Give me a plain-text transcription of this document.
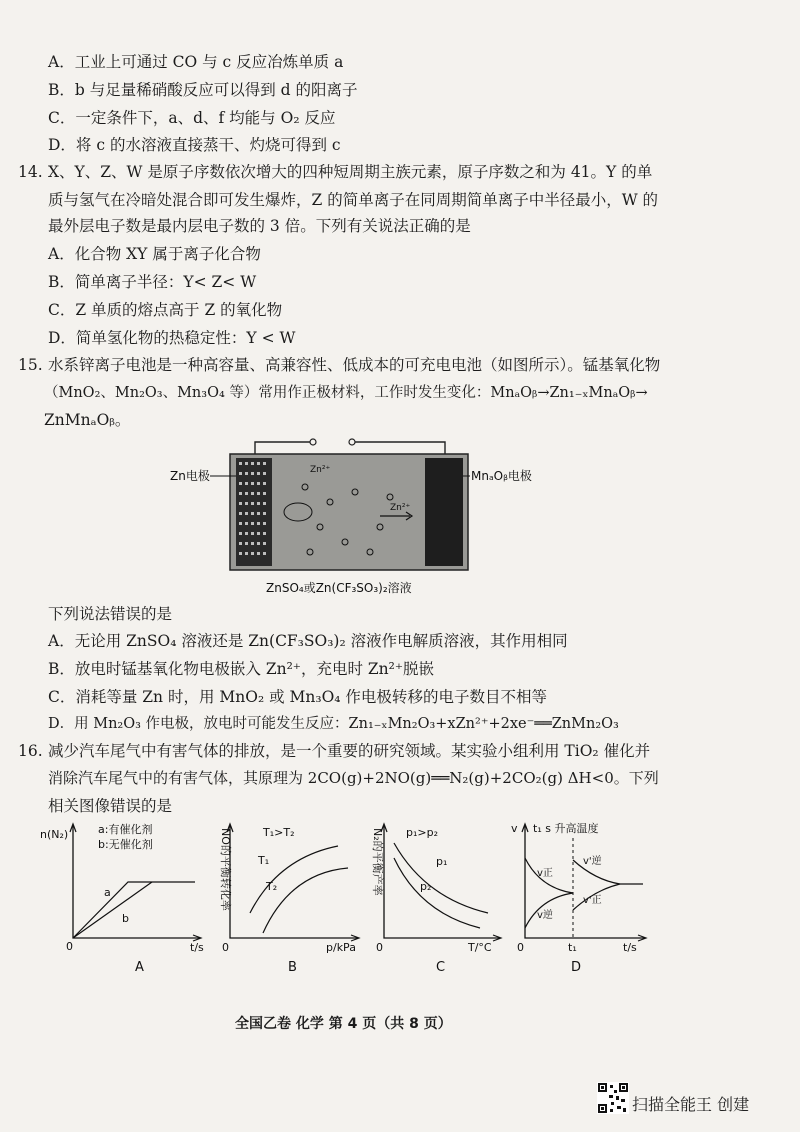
A．工业上可通过 CO 与 c 反应冶炼单质 a
B．b 与足量稀硝酸反应可以得到 d 的阳离子
C．一定条件下，a、d、f 均能与 O₂ 反应
D．将 c 的水溶液直接蒸干、灼烧可得到 c
14. X、Y、Z、W 是原子序数依次增大的四种短周期主族元素，原子序数之和为 41。Y 的单
质与氢气在冷暗处混合即可发生爆炸，Z 的简单离子在同周期简单离子中半径最小，W 的
最外层电子数是最内层电子数的 3 倍。下列有关说法正确的是
A．化合物 XY 属于离子化合物
B．简单离子半径：Y< Z< W
C．Z 单质的熔点高于 Z 的氧化物
D．简单氢化物的热稳定性：Y < W
15. 水系锌离子电池是一种高容量、高兼容性、低成本的可充电电池（如图所示）。锰基氧化物
（MnO₂、Mn₂O₃、Mn₃O₄ 等）常用作正极材料，工作时发生变化：MnₐOᵦ→Zn₁₋ₓMnₐOᵦ→
ZnMnₐOᵦ。
Zn²⁺
Zn²⁺
Zn电极	MnₐOᵦ电极
ZnSO₄或Zn(CF₃SO₃)₂溶液
下列说法错误的是
A．无论用 ZnSO₄ 溶液还是 Zn(CF₃SO₃)₂ 溶液作电解质溶液，其作用相同
B．放电时锰基氧化物电极嵌入 Zn²⁺，充电时 Zn²⁺脱嵌
C．消耗等量 Zn 时，用 MnO₂ 或 Mn₃O₄ 作电极转移的电子数目不相等
D．用 Mn₂O₃ 作电极，放电时可能发生反应：Zn₁₋ₓMn₂O₃+xZn²⁺+2xe⁻══ZnMn₂O₃
16. 减少汽车尾气中有害气体的排放，是一个重要的研究领域。某实验小组利用 TiO₂ 催化并
消除汽车尾气中的有害气体，其原理为 2CO(g)+2NO(g)══N₂(g)+2CO₂(g) ΔH<0。下列
相关图像错误的是
n(N₂)	a:有催化剂
b:无催化剂
a
b
0	t/s
A
NO的平衡转化率	T₁>T₂
T₁
T₂
0	p/kPa
B
N₂的平衡产率 p₁>p₂
p₁
p₂
0	T/°C
C
v t₁ s 升高温度
v正
v逆
v'逆
v'正
0	t₁	t/s
D
全国乙卷 化学 第 4 页（共 8 页）
扫描全能王 创建
